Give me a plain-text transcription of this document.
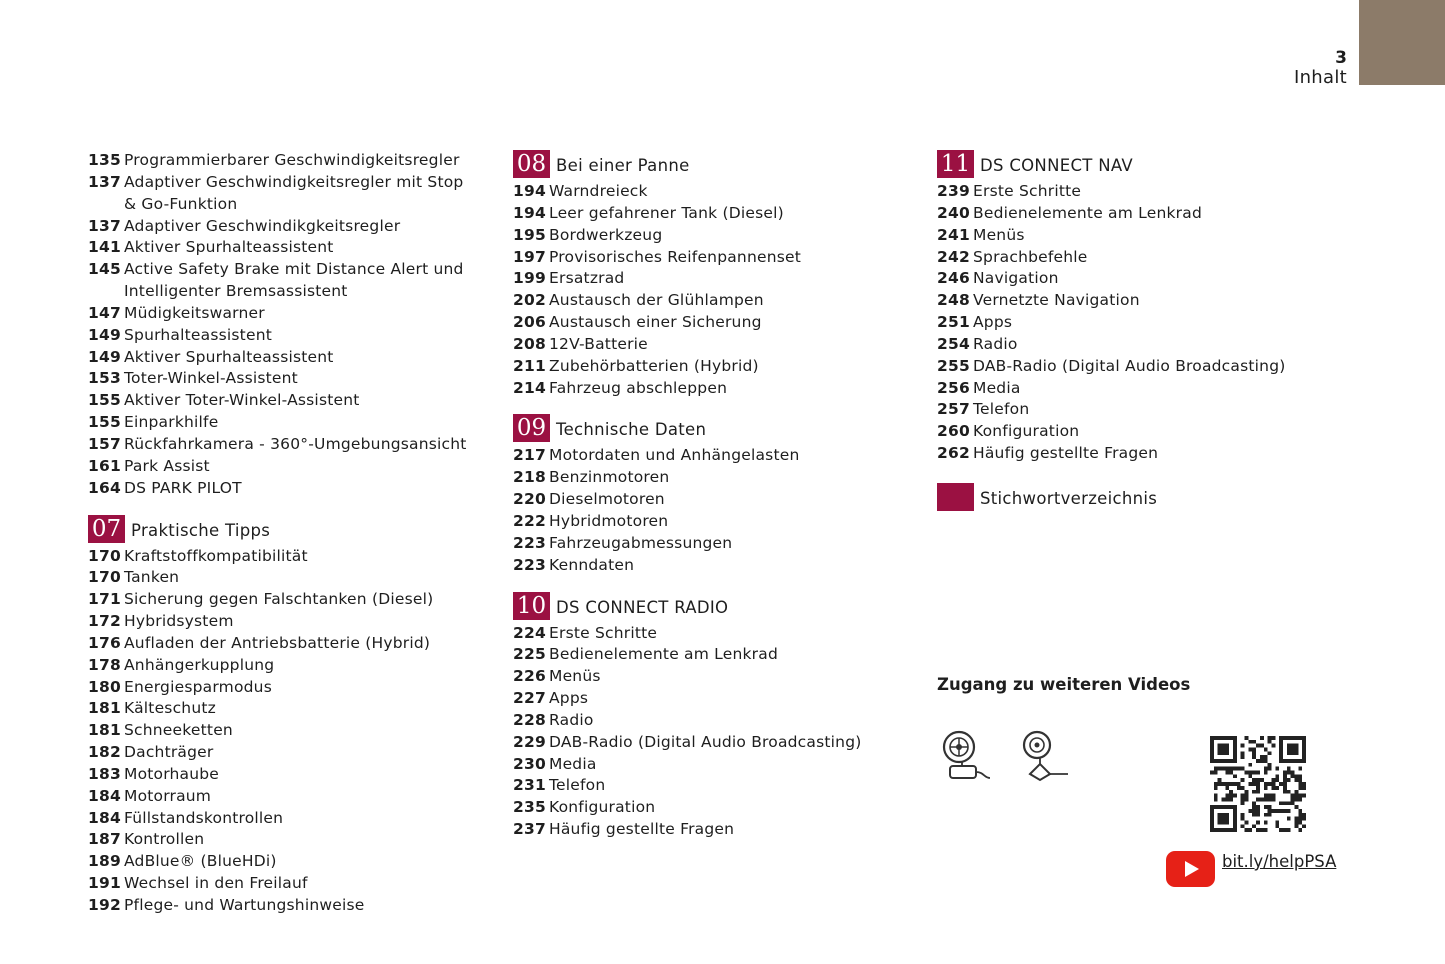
3
Inhalt
135 Programmierbarer Geschwindigkeitsregler
137 Adaptiver Geschwindigkeitsregler mit Stop & Go-Funktion
137 Adaptiver Geschwindikgkeitsregler
141 Aktiver Spurhalteassistent
145 Active Safety Brake mit Distance Alert und Intelligenter Bremsassistent
147 Müdigkeitswarner
149 Spurhalteassistent
149 Aktiver Spurhalteassistent
153 Toter-Winkel-Assistent
155 Aktiver Toter-Winkel-Assistent
155 Einparkhilfe
157 Rückfahrkamera - 360°-Umgebungsansicht
161 Park Assist
164 DS PARK PILOT
07 Praktische Tipps
170 Kraftstoffkompatibilität
170 Tanken
171 Sicherung gegen Falschtanken (Diesel)
172 Hybridsystem
176 Aufladen der Antriebsbatterie (Hybrid)
178 Anhängerkupplung
180 Energiesparmodus
181 Kälteschutz
181 Schneeketten
182 Dachträger
183 Motorhaube
184 Motorraum
184 Füllstandskontrollen
187 Kontrollen
189 AdBlue® (BlueHDi)
191 Wechsel in den Freilauf
192 Pflege- und Wartungshinweise
08 Bei einer Panne
194 Warndreieck
194 Leer gefahrener Tank (Diesel)
195 Bordwerkzeug
197 Provisorisches Reifenpannenset
199 Ersatzrad
202 Austausch der Glühlampen
206 Austausch einer Sicherung
208 12V-Batterie
211 Zubehörbatterien (Hybrid)
214 Fahrzeug abschleppen
09 Technische Daten
217 Motordaten und Anhängelasten
218 Benzinmotoren
220 Dieselmotoren
222 Hybridmotoren
223 Fahrzeugabmessungen
223 Kenndaten
10 DS CONNECT RADIO
224 Erste Schritte
225 Bedienelemente am Lenkrad
226 Menüs
227 Apps
228 Radio
229 DAB-Radio (Digital Audio Broadcasting)
230 Media
231 Telefon
235 Konfiguration
237 Häufig gestellte Fragen
11 DS CONNECT NAV
239 Erste Schritte
240 Bedienelemente am Lenkrad
241 Menüs
242 Sprachbefehle
246 Navigation
248 Vernetzte Navigation
251 Apps
254 Radio
255 DAB-Radio (Digital Audio Broadcasting)
256 Media
257 Telefon
260 Konfiguration
262 Häufig gestellte Fragen
Stichwortverzeichnis
Zugang zu weiteren Videos
bit.ly/helpPSA
